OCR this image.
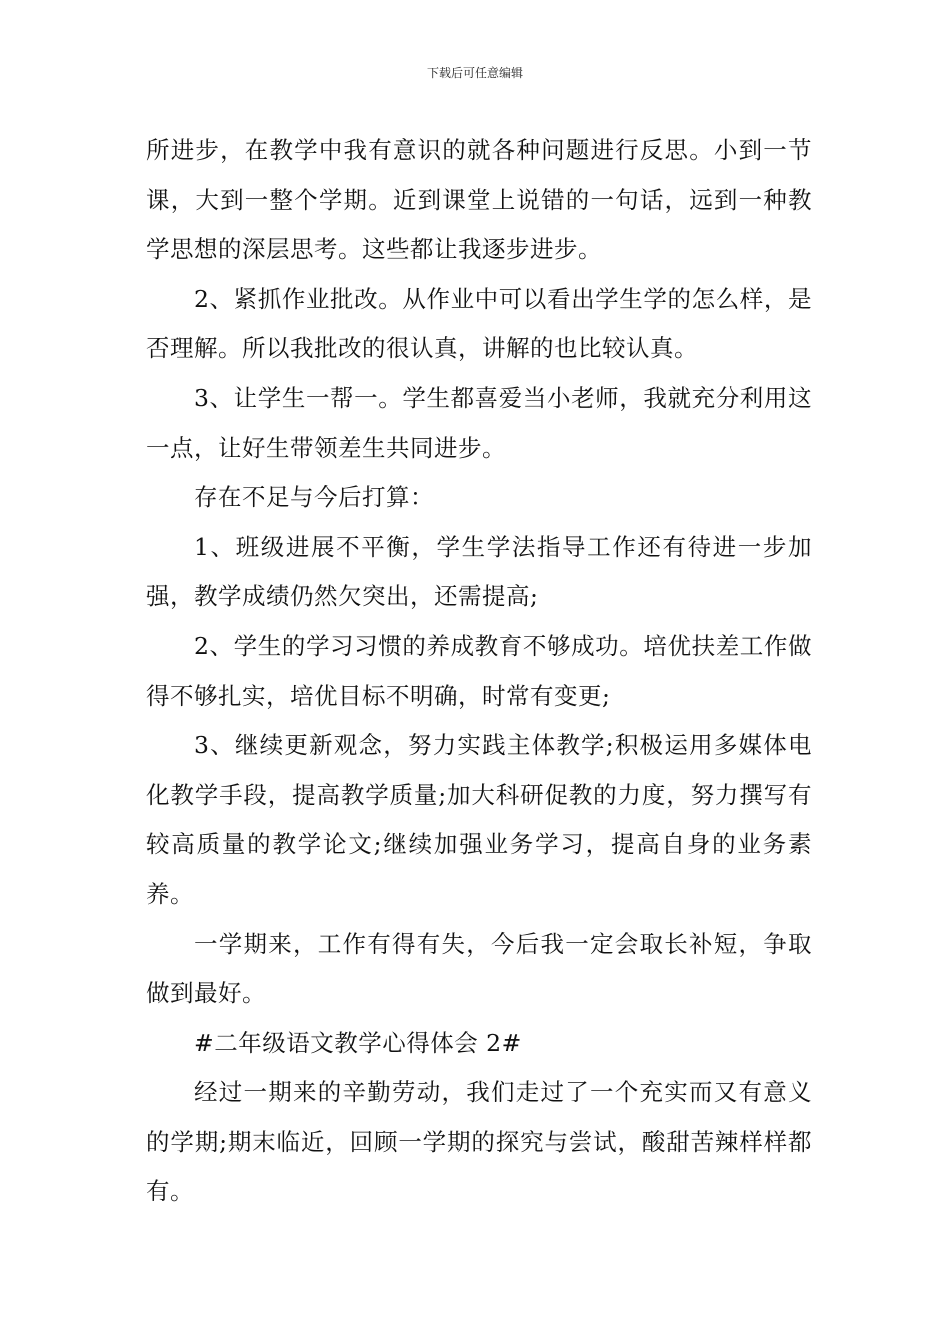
下载后可任意编辑

所进步，在教学中我有意识的就各种问题进行反思。小到一节课，大到一整个学期。近到课堂上说错的一句话，远到一种教学思想的深层思考。这些都让我逐步进步。

2、紧抓作业批改。从作业中可以看出学生学的怎么样，是否理解。所以我批改的很认真，讲解的也比较认真。

3、让学生一帮一。学生都喜爱当小老师，我就充分利用这一点，让好生带领差生共同进步。

存在不足与今后打算：

1、班级进展不平衡，学生学法指导工作还有待进一步加强，教学成绩仍然欠突出，还需提高;

2、学生的学习习惯的养成教育不够成功。培优扶差工作做得不够扎实，培优目标不明确，时常有变更;

3、继续更新观念，努力实践主体教学;积极运用多媒体电化教学手段，提高教学质量;加大科研促教的力度，努力撰写有较高质量的教学论文;继续加强业务学习，提高自身的业务素养。

一学期来，工作有得有失，今后我一定会取长补短，争取做到最好。

#二年级语文教学心得体会 2#

经过一期来的辛勤劳动，我们走过了一个充实而又有意义的学期;期末临近，回顾一学期的探究与尝试，酸甜苦辣样样都有。
